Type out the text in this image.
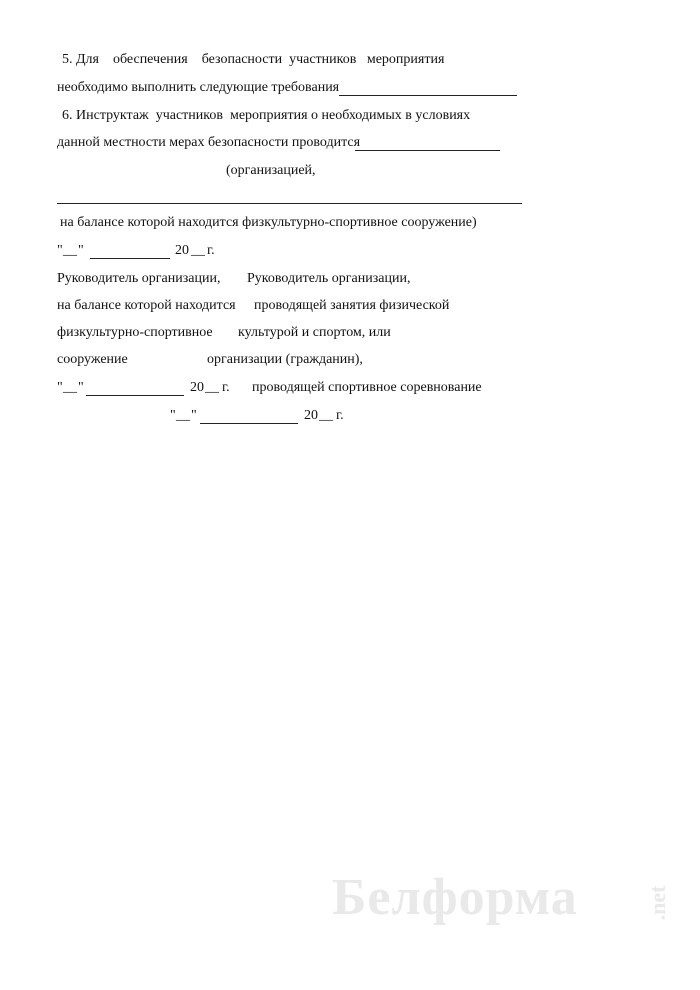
5. Для    обеспечения    безопасности  участников   мероприятия
необходимо выполнить следующие требования
6. Инструктаж  участников  мероприятия о необходимых в условиях
данной местности мерах безопасности проводится
(организацией,
на балансе которой находится физкультурно-спортивное сооружение)
" __ "	20 __ г.
Руководитель организации,
на балансе которой находится
физкультурно-спортивное
сооружение
Руководитель организации,
проводящей занятия физической
культурой и спортом, или
организации (гражданин),
" __ "	20 __ г. проводящей спортивное соревнование
" __ "	20 __ г.
Белформа	.net
